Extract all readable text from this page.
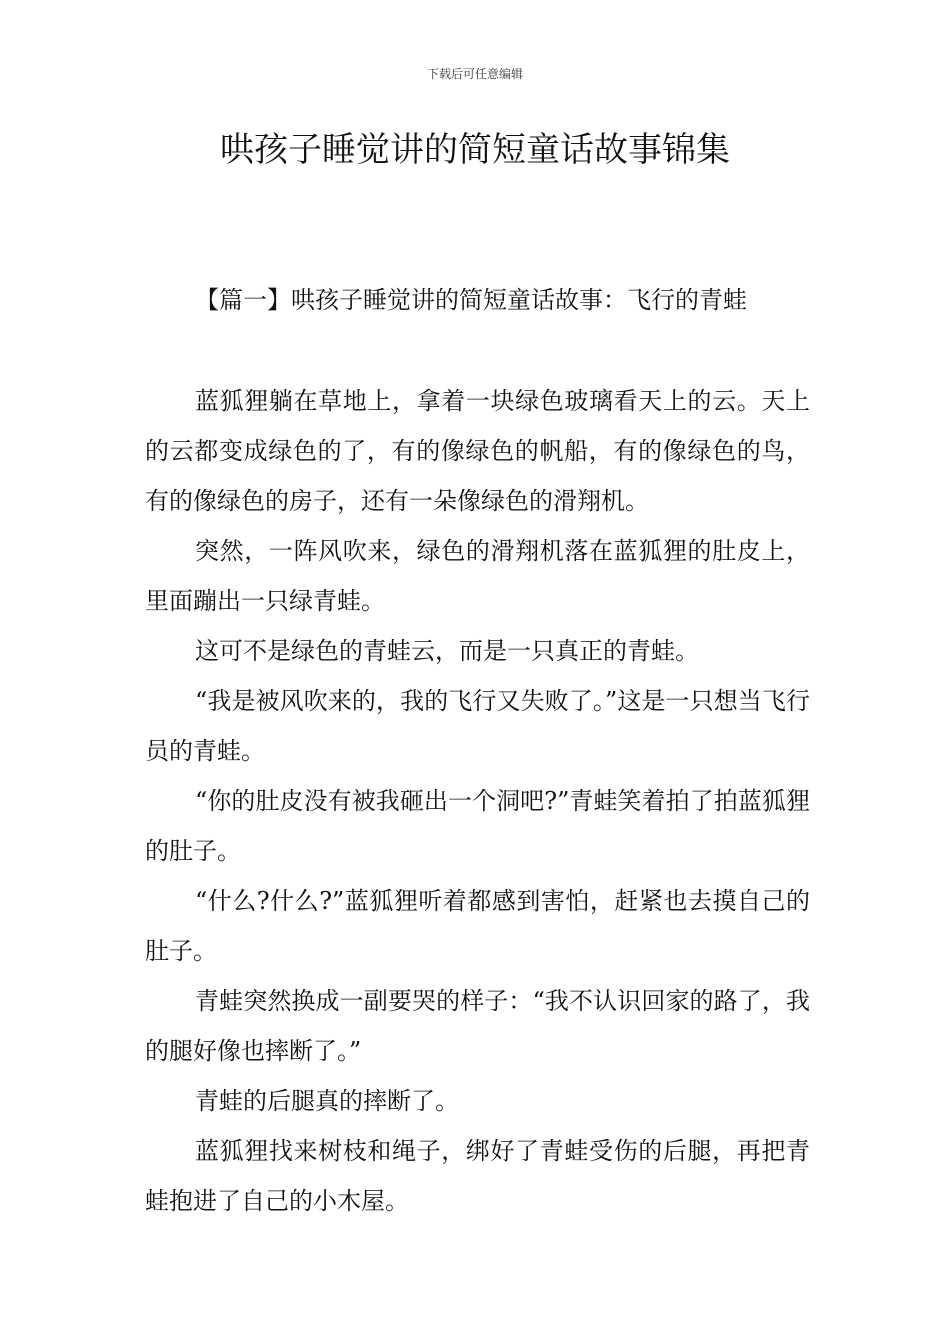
下载后可任意编辑
哄孩子睡觉讲的简短童话故事锦集
【篇一】哄孩子睡觉讲的简短童话故事：飞行的青蛙

蓝狐狸躺在草地上，拿着一块绿色玻璃看天上的云。天上的云都变成绿色的了，有的像绿色的帆船，有的像绿色的鸟，有的像绿色的房子，还有一朵像绿色的滑翔机。

突然，一阵风吹来，绿色的滑翔机落在蓝狐狸的肚皮上，里面蹦出一只绿青蛙。

这可不是绿色的青蛙云，而是一只真正的青蛙。

“我是被风吹来的，我的飞行又失败了。”这是一只想当飞行员的青蛙。

“你的肚皮没有被我砸出一个洞吧?”青蛙笑着拍了拍蓝狐狸的肚子。

“什么?什么?”蓝狐狸听着都感到害怕，赶紧也去摸自己的肚子。

青蛙突然换成一副要哭的样子：“我不认识回家的路了，我的腿好像也摔断了。”

青蛙的后腿真的摔断了。

蓝狐狸找来树枝和绳子，绑好了青蛙受伤的后腿，再把青蛙抱进了自己的小木屋。
